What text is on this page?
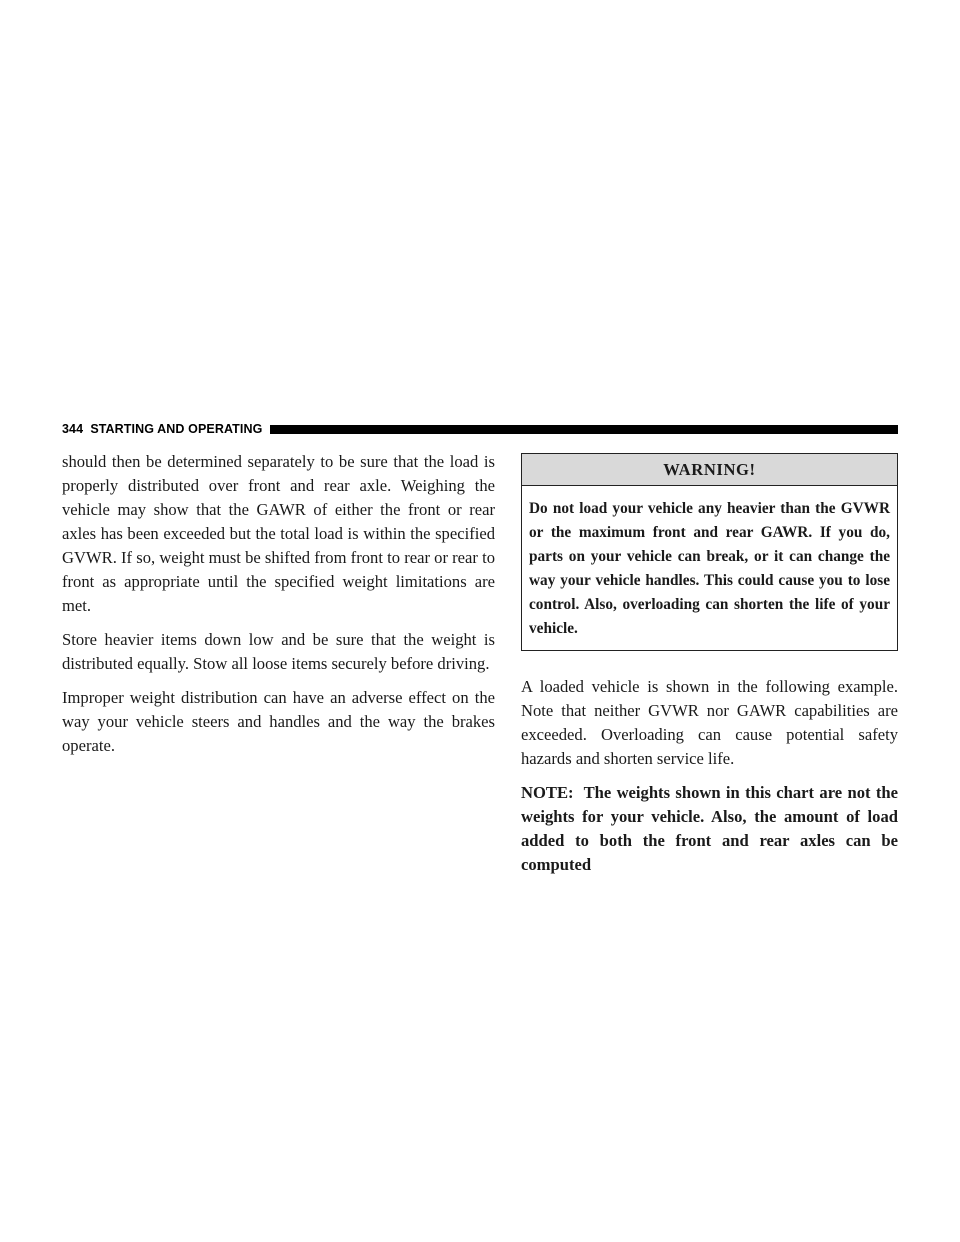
344 STARTING AND OPERATING

should then be determined separately to be sure that the load is properly distributed over front and rear axle. Weighing the vehicle may show that the GAWR of either the front or rear axles has been exceeded but the total load is within the specified GVWR. If so, weight must be shifted from front to rear or rear to front as appropriate until the specified weight limitations are met.

Store heavier items down low and be sure that the weight is distributed equally. Stow all loose items securely before driving.

Improper weight distribution can have an adverse effect on the way your vehicle steers and handles and the way the brakes operate.

WARNING!
Do not load your vehicle any heavier than the GVWR or the maximum front and rear GAWR. If you do, parts on your vehicle can break, or it can change the way your vehicle handles. This could cause you to lose control. Also, overloading can shorten the life of your vehicle.

A loaded vehicle is shown in the following example. Note that neither GVWR nor GAWR capabilities are exceeded. Overloading can cause potential safety hazards and shorten service life.

NOTE: The weights shown in this chart are not the weights for your vehicle. Also, the amount of load added to both the front and rear axles can be computed
